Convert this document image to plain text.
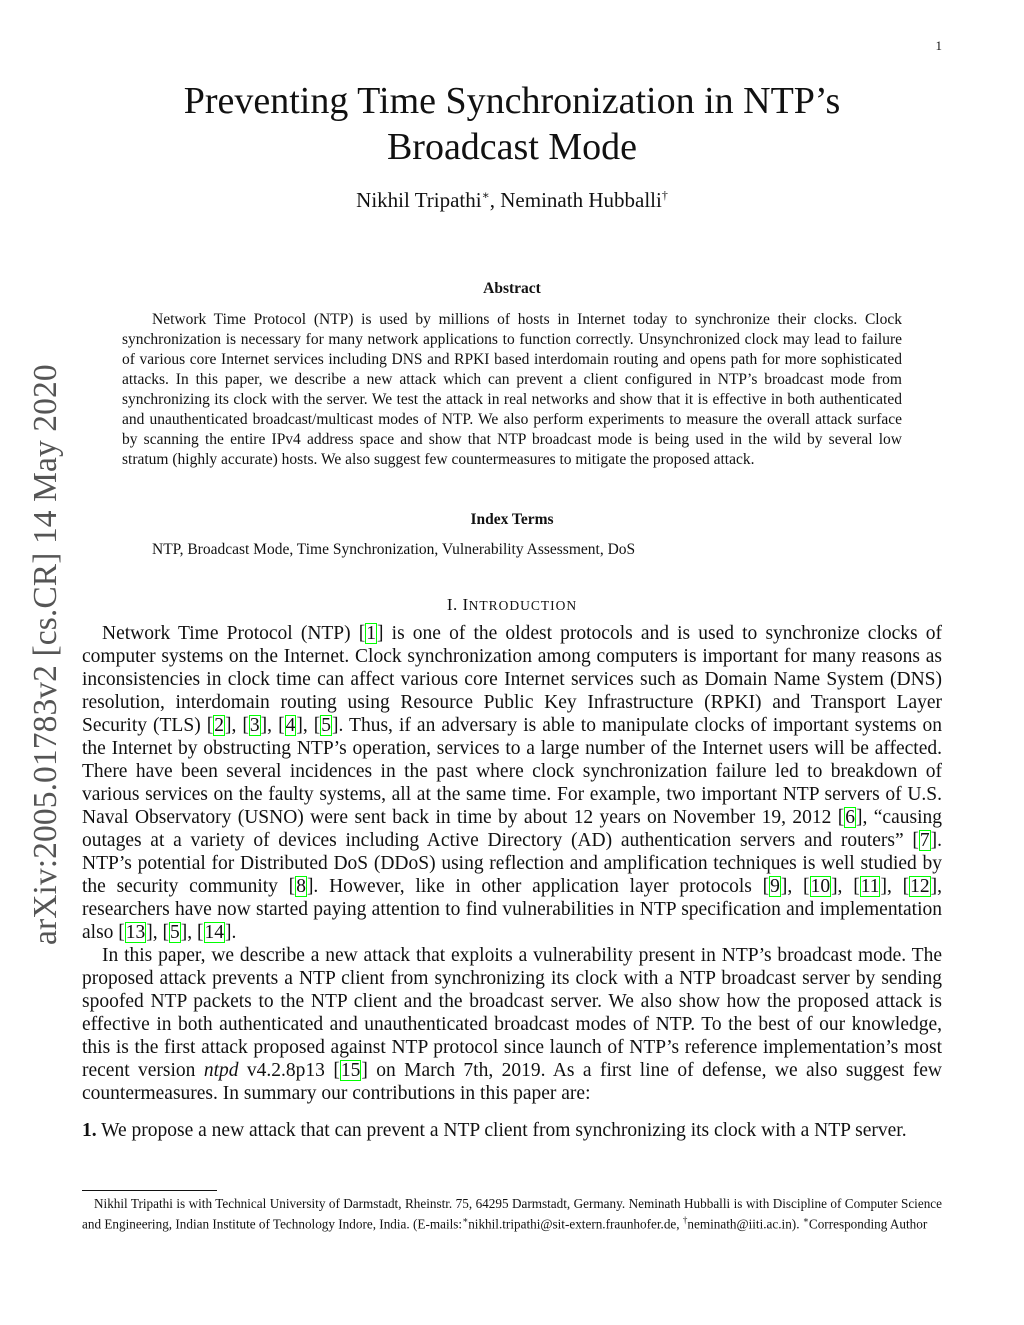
1
arXiv:2005.01783v2 [cs.CR] 14 May 2020
Preventing Time Synchronization in NTP’s
Broadcast Mode
Nikhil Tripathi∗, Neminath Hubballi†
Abstract

Network Time Protocol (NTP) is used by millions of hosts in Internet today to synchronize their clocks. Clock synchronization is necessary for many network applications to function correctly. Unsynchronized clock may lead to failure of various core Internet services including DNS and RPKI based interdomain routing and opens path for more sophisticated attacks. In this paper, we describe a new attack which can prevent a client configured in NTP’s broadcast mode from synchronizing its clock with the server. We test the attack in real networks and show that it is effective in both authenticated and unauthenticated broadcast/multicast modes of NTP. We also perform experiments to measure the overall attack surface by scanning the entire IPv4 address space and show that NTP broadcast mode is being used in the wild by several low stratum (highly accurate) hosts. We also suggest few countermeasures to mitigate the proposed attack.

Index Terms
NTP, Broadcast Mode, Time Synchronization, Vulnerability Assessment, DoS
I. INTRODUCTION

Network Time Protocol (NTP) [1] is one of the oldest protocols and is used to synchronize clocks of computer systems on the Internet. Clock synchronization among computers is important for many reasons as inconsistencies in clock time can affect various core Internet services such as Domain Name System (DNS) resolution, interdomain routing using Resource Public Key Infrastructure (RPKI) and Transport Layer Security (TLS) [2], [3], [4], [5]. Thus, if an adversary is able to manipulate clocks of important systems on the Internet by obstructing NTP’s operation, services to a large number of the Internet users will be affected. There have been several incidences in the past where clock synchronization failure led to breakdown of various services on the faulty systems, all at the same time. For example, two important NTP servers of U.S. Naval Observatory (USNO) were sent back in time by about 12 years on November 19, 2012 [6], “causing outages at a variety of devices including Active Directory (AD) authentication servers and routers” [7]. NTP’s potential for Distributed DoS (DDoS) using reflection and amplification techniques is well studied by the security community [8]. However, like in other application layer protocols [9], [10], [11], [12], researchers have now started paying attention to find vulnerabilities in NTP specification and implementation also [13], [5], [14].

In this paper, we describe a new attack that exploits a vulnerability present in NTP’s broadcast mode. The proposed attack prevents a NTP client from synchronizing its clock with a NTP broadcast server by sending spoofed NTP packets to the NTP client and the broadcast server. We also show how the proposed attack is effective in both authenticated and unauthenticated broadcast modes of NTP. To the best of our knowledge, this is the first attack proposed against NTP protocol since launch of NTP’s reference implementation’s most recent version ntpd v4.2.8p13 [15] on March 7th, 2019. As a first line of defense, we also suggest few countermeasures. In summary our contributions in this paper are:

1. We propose a new attack that can prevent a NTP client from synchronizing its clock with a NTP server.

Nikhil Tripathi is with Technical University of Darmstadt, Rheinstr. 75, 64295 Darmstadt, Germany. Neminath Hubballi is with Discipline of Computer Science and Engineering, Indian Institute of Technology Indore, India. (E-mails:∗nikhil.tripathi@sit-extern.fraunhofer.de, †neminath@iiti.ac.in). ∗Corresponding Author
